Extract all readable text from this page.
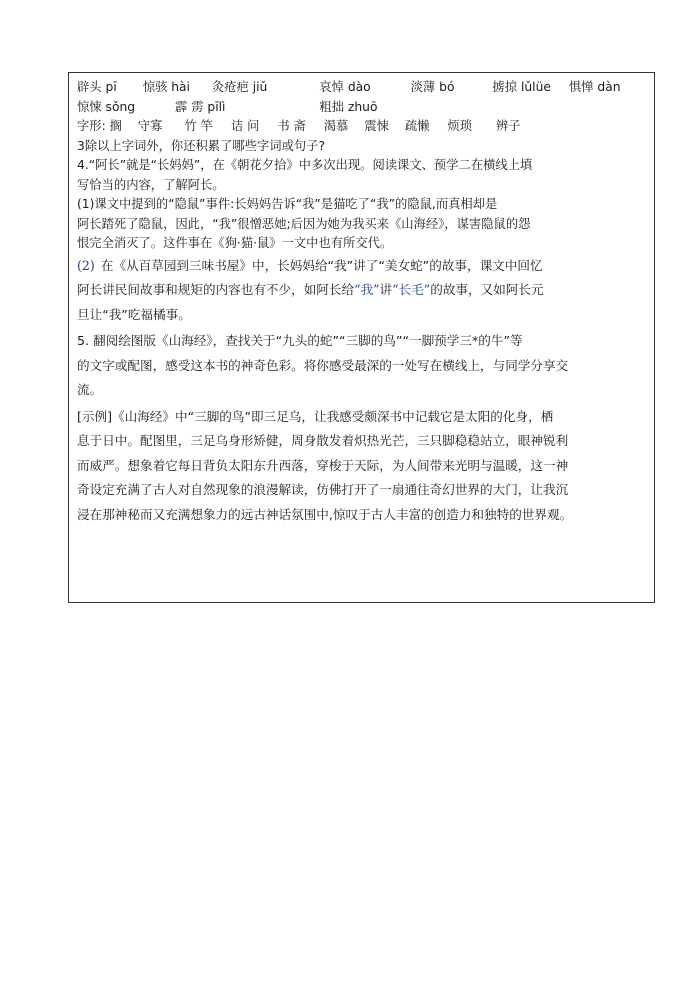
辟头 pī 惊骇 hài 灸疮疤 jiǔ	哀悼 dào	淡薄 bó	掳掠 lǔlüe 惧惮 dàn
惊悚 sǒng	霹 雳 pīlì	粗拙 zhuō
字形: 搁 守寡 竹 竿 诘 问 书 斋 渴慕 震悚 疏懒 烦琐 辨子
3除以上字词外，你还积累了哪些字词或句子?
4.“阿长”就是“长妈妈”，在《朝花夕拾》中多次出现。阅读课文、预学二在横线上填
写恰当的内容，了解阿长。
(1)课文中提到的“隐鼠”事件:长妈妈告诉“我”是猫吃了“我”的隐鼠,而真相却是
阿长踏死了隐鼠，因此，“我”很憎恶她;后因为她为我买来《山海经》，谋害隐鼠的怨
恨完全消灭了。这件事在《狗·猫·鼠》一文中也有所交代。
(2) 在《从百草园到三味书屋》中，长妈妈给“我”讲了“美女蛇”的故事，课文中回忆
阿长讲民间故事和规矩的内容也有不少，如阿长给“我”讲“长毛”的故事，又如阿长元
旦让“我”吃福橘事。
5. 翻阅绘图版《山海经》，查找关于“九头的蛇”“三脚的鸟”“一脚预学三*的牛”等
的文字或配图，感受这本书的神奇色彩。将你感受最深的一处写在横线上，与同学分享交
流。
[示例]《山海经》中“三脚的鸟”即三足乌，让我感受颇深书中记载它是太阳的化身，栖
息于日中。配图里，三足乌身形矫健，周身散发着炽热光芒，三只脚稳稳站立，眼神锐利
而威严。想象着它每日背负太阳东升西落，穿梭于天际，为人间带来光明与温暖，这一神
奇设定充满了古人对自然现象的浪漫解读，仿佛打开了一扇通往奇幻世界的大门，让我沉
浸在那神秘而又充满想象力的远古神话氛围中,惊叹于古人丰富的创造力和独特的世界观。
